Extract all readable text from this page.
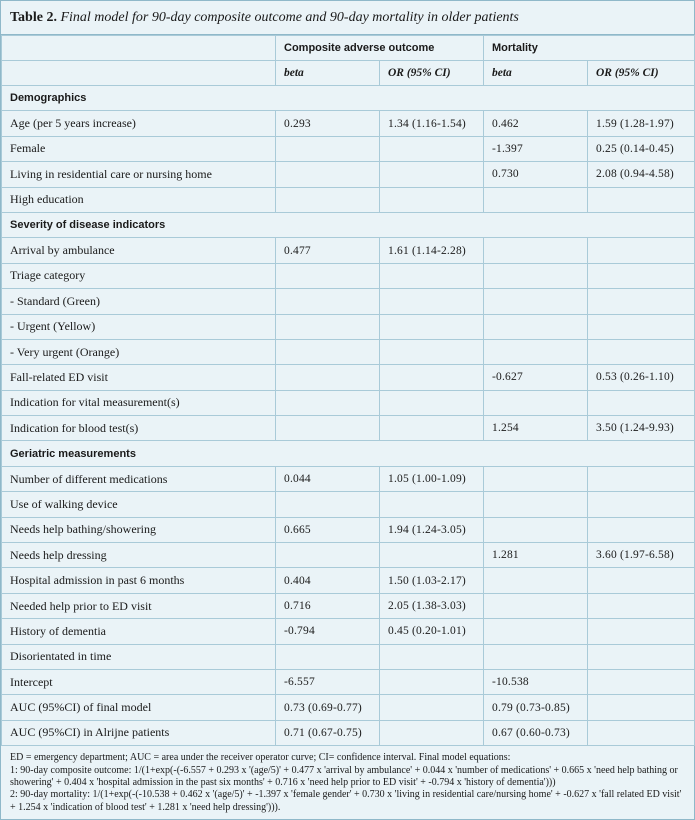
Table 2. Final model for 90-day composite outcome and 90-day mortality in older patients
	Composite adverse outcome		Mortality	
	beta	OR (95% CI)	beta	OR (95% CI)
Demographics				
Age (per 5 years increase)	0.293	1.34 (1.16-1.54)	0.462	1.59 (1.28-1.97)
Female			-1.397	0.25 (0.14-0.45)
Living in residential care or nursing home			0.730	2.08 (0.94-4.58)
High education				
Severity of disease indicators				
Arrival by ambulance	0.477	1.61 (1.14-2.28)		
Triage category				
- Standard (Green)				
- Urgent (Yellow)				
- Very urgent (Orange)				
Fall-related ED visit			-0.627	0.53 (0.26-1.10)
Indication for vital measurement(s)				
Indication for blood test(s)			1.254	3.50 (1.24-9.93)
Geriatric measurements				
Number of different medications	0.044	1.05 (1.00-1.09)		
Use of walking device				
Needs help bathing/showering	0.665	1.94 (1.24-3.05)		
Needs help dressing			1.281	3.60 (1.97-6.58)
Hospital admission in past 6 months	0.404	1.50 (1.03-2.17)		
Needed help prior to ED visit	0.716	2.05 (1.38-3.03)		
History of dementia	-0.794	0.45 (0.20-1.01)		
Disorientated in time				
Intercept	-6.557		-10.538	
AUC (95%CI) of final model	0.73 (0.69-0.77)		0.79 (0.73-0.85)	
AUC (95%CI) in Alrijne patients	0.71 (0.67-0.75)		0.67 (0.60-0.73)	
ED = emergency department; AUC = area under the receiver operator curve; CI= confidence interval. Final model equations:
1: 90-day composite outcome: 1/(1+exp(-(-6.557 + 0.293 x '(age/5)' + 0.477 x 'arrival by ambulance' + 0.044 x 'number of medications' + 0.665 x 'need help bathing or showering' + 0.404 x 'hospital admission in the past six months' + 0.716 x 'need help prior to ED visit' + -0.794 x 'history of dementia')))
2: 90-day mortality: 1/(1+exp(-(-10.538 + 0.462 x '(age/5)' + -1.397 x 'female gender' + 0.730 x 'living in residential care/nursing home' + -0.627 x 'fall related ED visit' + 1.254 x 'indication of blood test' + 1.281 x 'need help dressing'))).
